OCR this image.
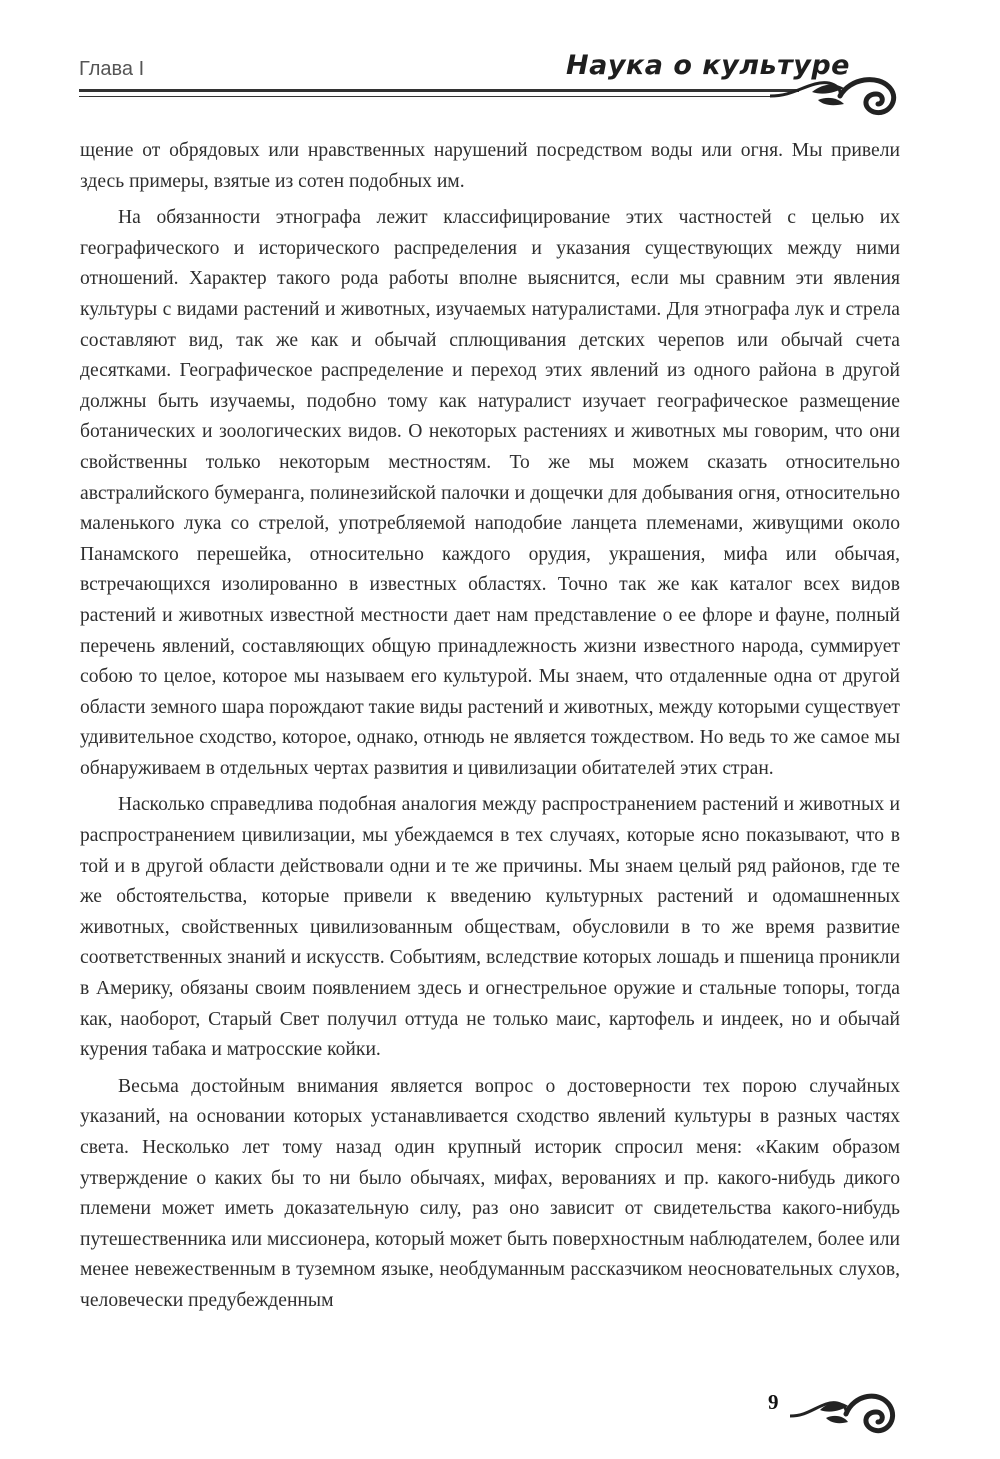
Глава I	Наука о культуре

щение от обрядовых или нравственных нарушений посредством воды или огня. Мы привели здесь примеры, взятые из сотен подобных им.

На обязанности этнографа лежит классифицирование этих частностей с целью их географического и исторического распределения и указания существующих между ними отношений. Характер такого рода работы вполне выяснится, если мы сравним эти явления культуры с видами растений и животных, изучаемых натуралистами. Для этнографа лук и стрела составляют вид, так же как и обычай сплющивания детских черепов или обычай счета десятками. Географическое распределение и переход этих явлений из одного района в другой должны быть изучаемы, подобно тому как натуралист изучает географическое размещение ботанических и зоологических видов. О некоторых растениях и животных мы говорим, что они свойственны только некоторым местностям. То же мы можем сказать относительно австралийского бумеранга, полинезийской палочки и дощечки для добывания огня, относительно маленького лука со стрелой, употребляемой наподобие ланцета племенами, живущими около Панамского перешейка, относительно каждого орудия, украшения, мифа или обычая, встречающихся изолированно в известных областях. Точно так же как каталог всех видов растений и животных известной местности дает нам представление о ее флоре и фауне, полный перечень явлений, составляющих общую принадлежность жизни известного народа, суммирует собою то целое, которое мы называем его культурой. Мы знаем, что отдаленные одна от другой области земного шара порождают такие виды растений и животных, между которыми существует удивительное сходство, которое, однако, отнюдь не является тождеством. Но ведь то же самое мы обнаруживаем в отдельных чертах развития и цивилизации обитателей этих стран.

Насколько справедлива подобная аналогия между распространением растений и животных и распространением цивилизации, мы убеждаемся в тех случаях, которые ясно показывают, что в той и в другой области действовали одни и те же причины. Мы знаем целый ряд районов, где те же обстоятельства, которые привели к введению культурных растений и одомашненных животных, свойственных цивилизованным обществам, обусловили в то же время развитие соответственных знаний и искусств. Событиям, вследствие которых лошадь и пшеница проникли в Америку, обязаны своим появлением здесь и огнестрельное оружие и стальные топоры, тогда как, наоборот, Старый Свет получил оттуда не только маис, картофель и индеек, но и обычай курения табака и матросские койки.

Весьма достойным внимания является вопрос о достоверности тех порою случайных указаний, на основании которых устанавливается сходство явлений культуры в разных частях света. Несколько лет тому назад один крупный историк спросил меня: «Каким образом утверждение о каких бы то ни было обычаях, мифах, верованиях и пр. какого-нибудь дикого племени может иметь доказательную силу, раз оно зависит от свидетельства какого-нибудь путешественника или миссионера, который может быть поверхностным наблюдателем, более или менее невежественным в туземном языке, необдуманным рассказчиком неосновательных слухов, человечески предубежденным

9
